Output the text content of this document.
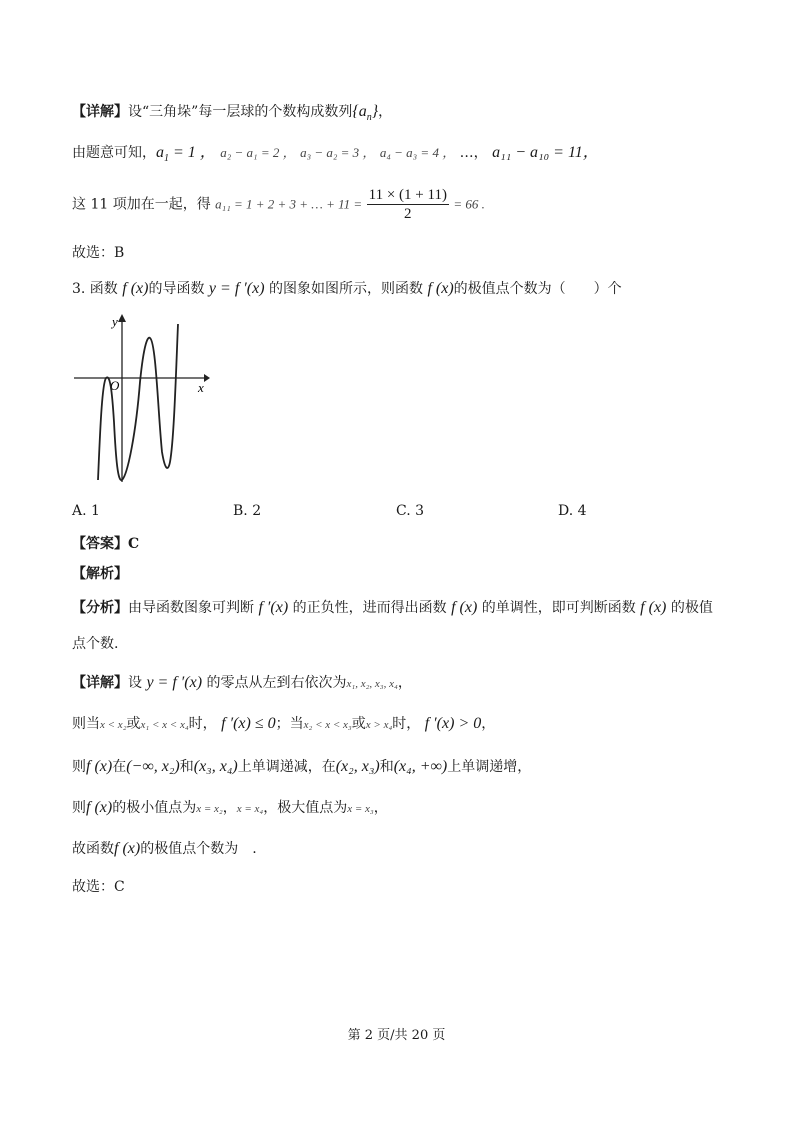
【详解】设“三角垛”每一层球的个数构成数列$\{a_n\}$，
由题意可知，$a_1 = 1$ ， a₂ − a₁ = 2 ， a₃ − a₂ = 3 ， a₄ − a₃ = 4 ， …， a₁₁ − a₁₀ = 11，
这 11 项加在一起，得 a₁₁ = 1 + 2 + 3 + … + $11 = \frac{11 \times (1 + 11)}{2} = 66$ .
故选：B
3. 函数 f (x)的导函数 y = f ′(x) 的图象如图所示，则函数 f (x)的极值点个数为（　　）个
y
x
O
A. 1	B. 2	C. 3	D. 4
【答案】C
【解析】
【分析】由导函数图象可判断 f ′(x) 的正负性，进而得出函数 f (x) 的单调性，即可判断函数 f (x) 的极值
点个数.
【详解】设 y = f ′(x) 的零点从左到右依次为x₁, x₂, x₃, x₄，
则当x < x₂或x₁ < x < x₄时， f ′(x) ≤ 0；当x₂ < x < x₃或x > x₄时， f ′(x) > 0，
则f (x)在(−∞, x₂)和(x₃, x₄)上单调递减，在(x₂, x₃)和(x₄, +∞)上单调递增，
则f (x)的极小值点为x = x₂，x = x₄，极大值点为x = x₃，
故函数f (x)的极值点个数为　.
故选：C
第 2 页/共 20 页
